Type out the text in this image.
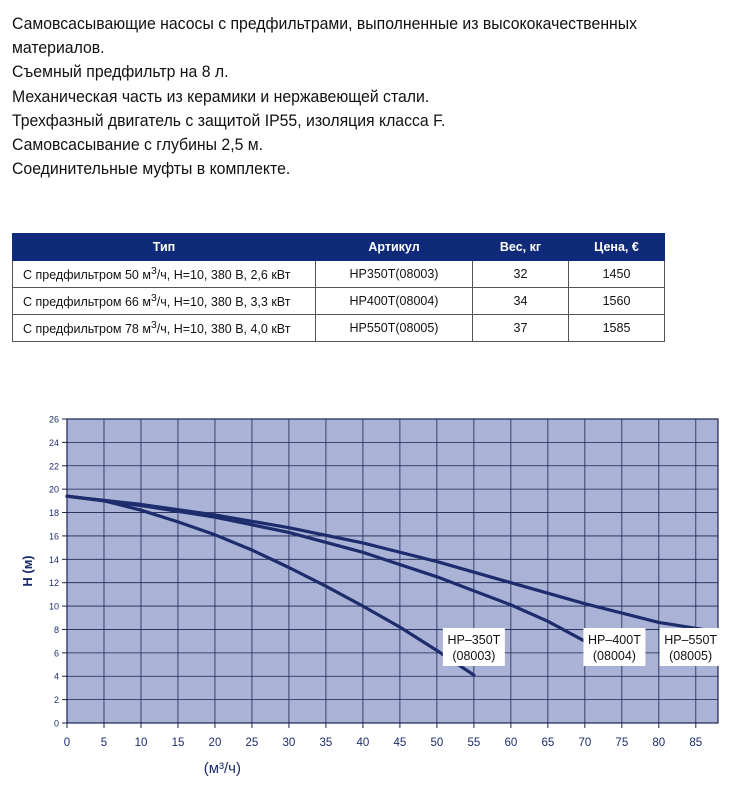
Самовсасывающие насосы с предфильтрами, выполненные из высококачественных

материалов.

Съемный предфильтр на 8 л.

Механическая часть из керамики и нержавеющей стали.

Трехфазный двигатель с защитой IP55, изоляция класса F.

Самовсасывание с глубины 2,5 м.

Соединительные муфты в комплекте.

Тип	Артикул	Вес, кг	Цена, €
С предфильтром 50 $м^3/ч$, H=10, 380 В, 2,6 кВт	HP350T(08003)	32	1450
С предфильтром 66 $м^3/ч$, H=10, 380 В, 3,3 кВт	HP400T(08004)	34	1560
С предфильтром 78 $м^3/ч$, H=10, 380 В, 4,0 кВт	HP550T(08005)	37	1585
0	5 10 15 20 25 30 35 40 45 50 55 60 65 70 75 80 85
0
2
4
6
8
10
12
14
16
18
20
22
24
26
HP–350T
(08003)
HP–400T
(08004)
HP–550T
(08005)
H (м)
(м³/ч)
